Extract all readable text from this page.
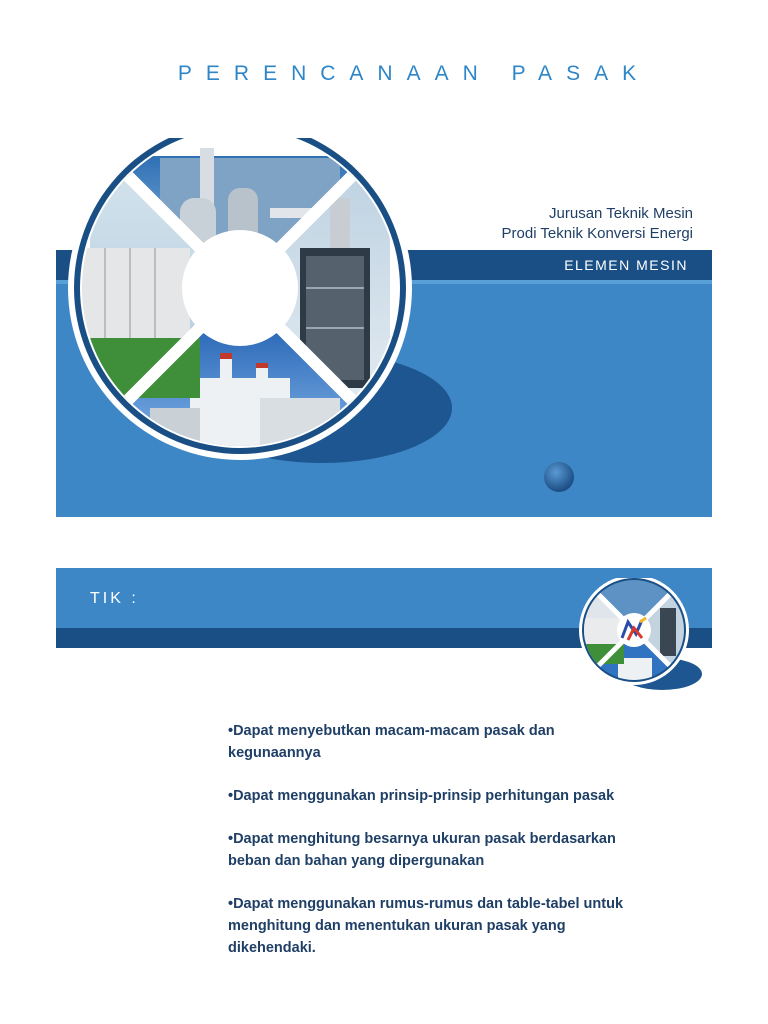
PERENCANAAN PASAK
ELEMEN MESIN
Jurusan Teknik Mesin
Prodi Teknik Konversi Energi
TIK :
•Dapat menyebutkan macam-macam pasak dan kegunaannya
•Dapat menggunakan prinsip-prinsip perhitungan pasak
•Dapat menghitung besarnya ukuran pasak berdasarkan beban dan bahan yang dipergunakan
•Dapat menggunakan rumus-rumus dan table-tabel untuk menghitung dan menentukan ukuran pasak yang dikehendaki.
